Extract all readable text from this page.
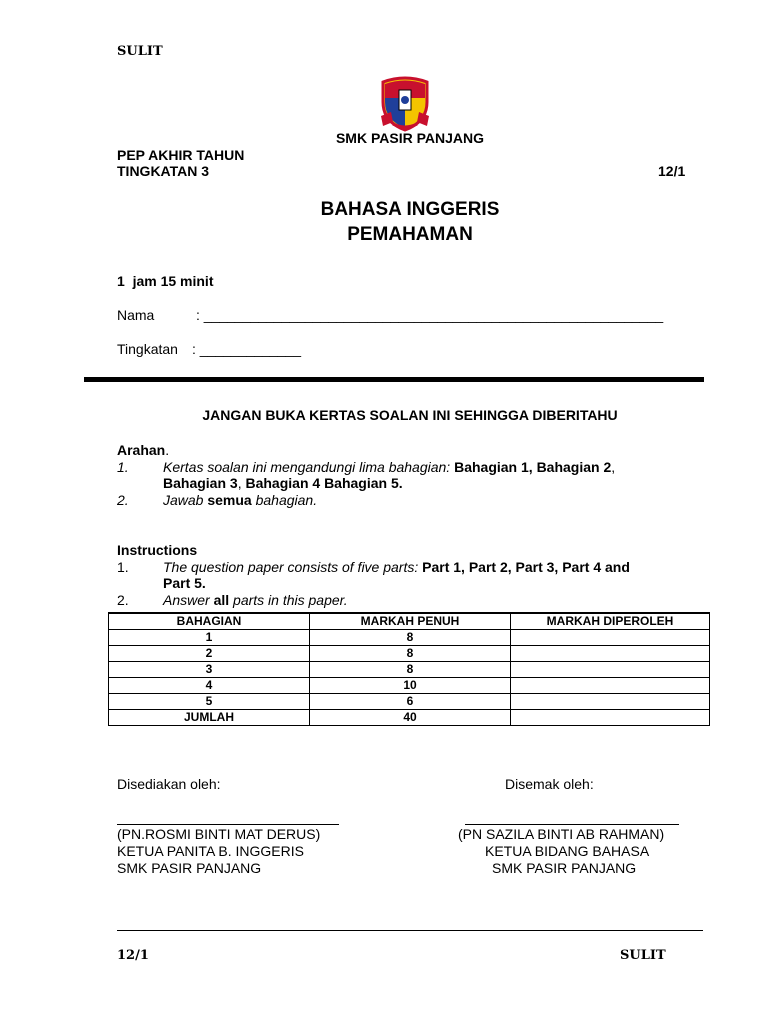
SULIT
SMK PASIR PANJANG
PEP AKHIR TAHUN
TINGKATAN 3	12/1
BAHASA INGGERIS
PEMAHAMAN
1  jam 15 minit
Nama	: ___________________________________________________________
Tingkatan : _____________
JANGAN BUKA KERTAS SOALAN INI SEHINGGA DIBERITAHU
Arahan.
1. Kertas soalan ini mengandungi lima bahagian: Bahagian 1, Bahagian 2,
Bahagian 3, Bahagian 4 Bahagian 5.
2. Jawab semua bahagian.
Instructions
1. The question paper consists of five parts: Part 1, Part 2, Part 3, Part 4 and
Part 5.
2. Answer all parts in this paper.
BAHAGIAN	MARKAH PENUH	MARKAH DIPEROLEH
1	8	
2	8	
3	8	
4	10	
5	6	
JUMLAH	40	
Disediakan oleh:	Disemak oleh:
(PN.ROSMI BINTI MAT DERUS)
KETUA PANITA B. INGGERIS
SMK PASIR PANJANG
(PN SAZILA BINTI AB RAHMAN)
KETUA BIDANG BAHASA
SMK PASIR PANJANG
12/1	SULIT
